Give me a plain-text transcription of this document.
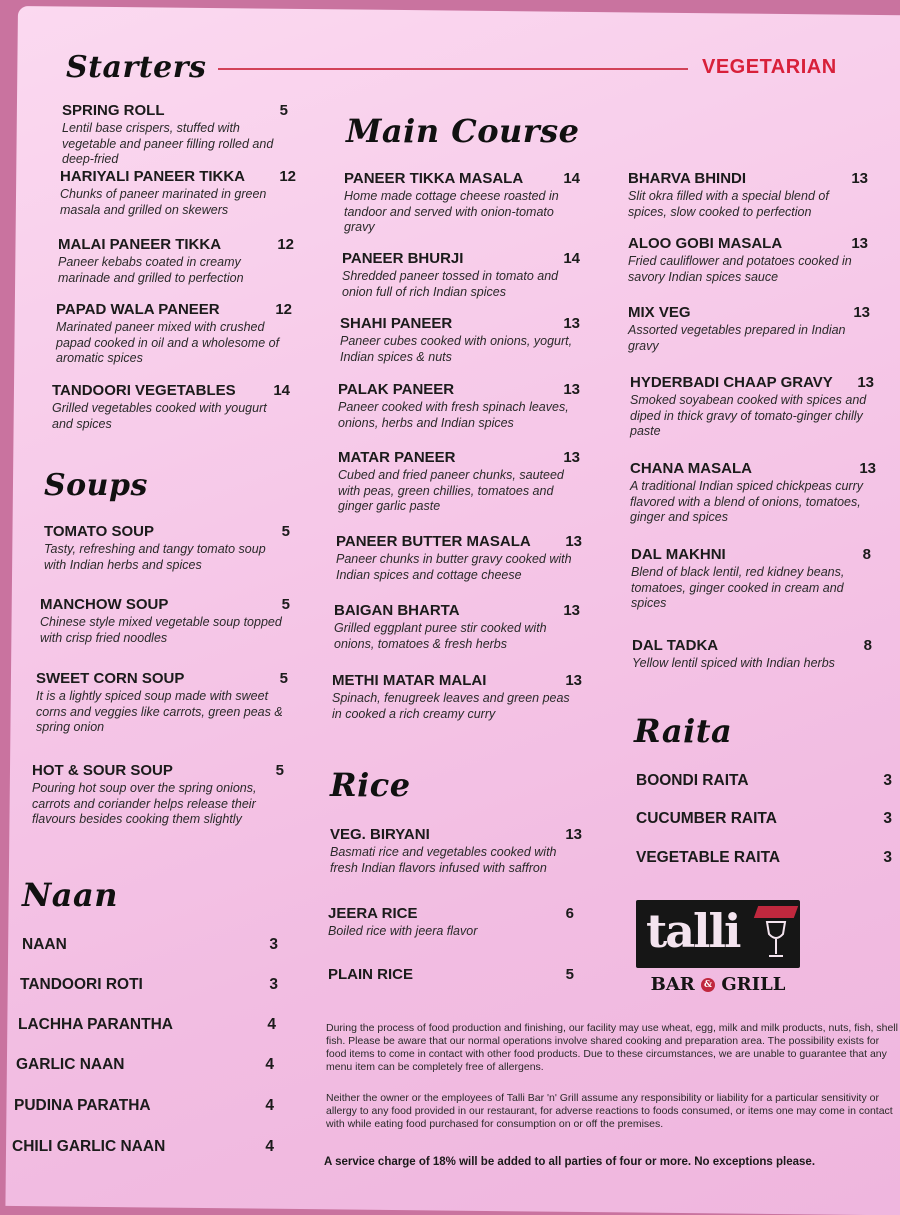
Starters	VEGETARIAN
SPRING ROLL	5
Lentil base crispers, stuffed with vegetable and paneer filling rolled and deep-fried
HARIYALI PANEER TIKKA 12
Chunks of paneer marinated in green masala and grilled on skewers
MALAI PANEER TIKKA	12
Paneer kebabs coated in creamy marinade and grilled to perfection
PAPAD WALA PANEER	12
Marinated paneer mixed with crushed papad cooked in oil and a wholesome of aromatic spices
TANDOORI VEGETABLES	14
Grilled vegetables cooked with yougurt and spices
Soups
TOMATO SOUP	5
Tasty, refreshing and tangy tomato soup with Indian herbs and spices
MANCHOW SOUP	5
Chinese style mixed vegetable soup topped with crisp fried noodles
SWEET CORN SOUP	5
It is a lightly spiced soup made with sweet corns and veggies like carrots, green peas & spring onion
HOT & SOUR SOUP	5
Pouring hot soup over the spring onions, carrots and coriander helps release their flavours besides cooking them slightly
Naan
NAAN	3
TANDOORI ROTI	3
LACHHA PARANTHA	4
GARLIC NAAN	4
PUDINA PARATHA	4
CHILI GARLIC NAAN	4
Main Course
PANEER TIKKA MASALA	14
Home made cottage cheese roasted in tandoor and served with onion-tomato gravy
PANEER BHURJI	14
Shredded paneer tossed in tomato and onion full of rich Indian spices
SHAHI PANEER	13
Paneer cubes cooked with onions, yogurt, Indian spices & nuts
PALAK PANEER	13
Paneer cooked with fresh spinach leaves, onions, herbs and Indian spices
MATAR PANEER	13
Cubed and fried paneer chunks, sauteed with peas, green chillies, tomatoes and ginger garlic paste
PANEER BUTTER MASALA 13
Paneer chunks in butter gravy cooked with Indian spices and cottage cheese
BAIGAN BHARTA	13
Grilled eggplant puree stir cooked with onions, tomatoes & fresh herbs
METHI MATAR MALAI	13
Spinach, fenugreek leaves and green peas in cooked a rich creamy curry
BHARVA BHINDI	13
Slit okra filled with a special blend of spices, slow cooked to perfection
ALOO GOBI MASALA	13
Fried cauliflower and potatoes cooked in savory Indian spices sauce
MIX VEG	13
Assorted vegetables prepared in Indian gravy
HYDERBADI CHAAP GRAVY 13
Smoked soyabean cooked with spices and diped in thick gravy of tomato-ginger chilly paste
CHANA MASALA	13
A traditional Indian spiced chickpeas curry flavored with a blend of onions, tomatoes, ginger and spices
DAL MAKHNI	8
Blend of black lentil, red kidney beans, tomatoes, ginger cooked in cream and spices
DAL TADKA	8
Yellow lentil spiced with Indian herbs
Rice
VEG. BIRYANI	13
Basmati rice and vegetables cooked with fresh Indian flavors infused with saffron
JEERA RICE	6
Boiled rice with jeera flavor
PLAIN RICE	5
Raita
BOONDI RAITA	3
CUCUMBER RAITA	3
VEGETABLE RAITA	3
talli
BAR & GRILL
During the process of food production and finishing, our facility may use wheat, egg, milk and milk products, nuts, fish, shell fish. Please be aware that our normal operations involve shared cooking and preparation area. The possibility exists for food items to come in contact with other food products. Due to these circumstances, we are unable to guarantee that any menu item can be completely free of allergens.
Neither the owner or the employees of Talli Bar 'n' Grill assume any responsibility or liability for a particular sensitivity or allergy to any food provided in our restaurant, for adverse reactions to foods consumed, or items one may come in contact with while eating food purchased for consumption on or off the premises.
A service charge of 18% will be added to all parties of four or more. No exceptions please.
